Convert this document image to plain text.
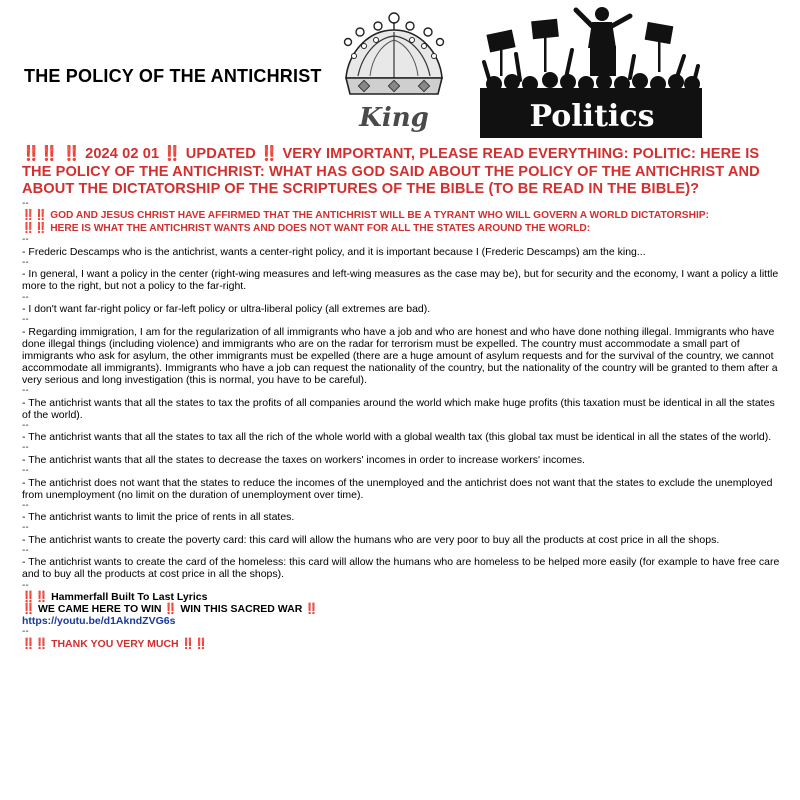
THE POLICY OF THE ANTICHRIST
King	Politics

‼️‼️ ‼️ 2024 02 01 ‼️ UPDATED ‼️ VERY IMPORTANT, PLEASE READ EVERYTHING: POLITIC: HERE IS THE POLICY OF THE ANTICHRIST: WHAT HAS GOD SAID ABOUT THE POLICY OF THE ANTICHRIST AND ABOUT THE DICTATORSHIP OF THE SCRIPTURES OF THE BIBLE (TO BE READ IN THE BIBLE)?

--
‼️‼️ GOD AND JESUS CHRIST HAVE AFFIRMED THAT THE ANTICHRIST WILL BE A TYRANT WHO WILL GOVERN A WORLD DICTATORSHIP:
‼️‼️ HERE IS WHAT THE ANTICHRIST WANTS AND DOES NOT WANT FOR ALL THE STATES AROUND THE WORLD:
--
- Frederic Descamps who is the antichrist, wants a center-right policy, and it is important because I (Frederic Descamps) am the king...
--
- In general, I want a policy in the center (right-wing measures and left-wing measures as the case may be), but for security and the economy, I want a policy a little more to the right, but not a policy to the far-right.
--
- I don't want far-right policy or far-left policy or ultra-liberal policy (all extremes are bad).
--
- Regarding immigration, I am for the regularization of all immigrants who have a job and who are honest and who have done nothing illegal. Immigrants who have done illegal things (including violence) and immigrants who are on the radar for terrorism must be expelled. The country must accommodate a small part of immigrants who ask for asylum, the other immigrants must be expelled (there are a huge amount of asylum requests and for the survival of the country, we cannot accommodate all immigrants). Immigrants who have a job can request the nationality of the country, but the nationality of the country will be granted to them after a very serious and long investigation (this is normal, you have to be careful).
--
- The antichrist wants that all the states to tax the profits of all companies around the world which make huge profits (this taxation must be identical in all the states of the world).
--
- The antichrist wants that all the states to tax all the rich of the whole world with a global wealth tax (this global tax must be identical in all the states of the world).
--
- The antichrist wants that all the states to decrease the taxes on workers' incomes in order to increase workers' incomes.
--
- The antichrist does not want that the states to reduce the incomes of the unemployed and the antichrist does not want that the states to exclude the unemployed from unemployment (no limit on the duration of unemployment over time).
--
- The antichrist wants to limit the price of rents in all states.
--
- The antichrist wants to create the poverty card: this card will allow the humans who are very poor to buy all the products at cost price in all the shops.
--
- The antichrist wants to create the card of the homeless: this card will allow the humans who are homeless to be helped more easily (for example to have free care and to buy all the products at cost price in all the shops).
--
‼️‼️ Hammerfall Built To Last Lyrics
‼️ WE CAME HERE TO WIN ‼️ WIN THIS SACRED WAR ‼️
https://youtu.be/d1AkndZVG6s
--
‼️‼️ THANK YOU VERY MUCH ‼️‼️
